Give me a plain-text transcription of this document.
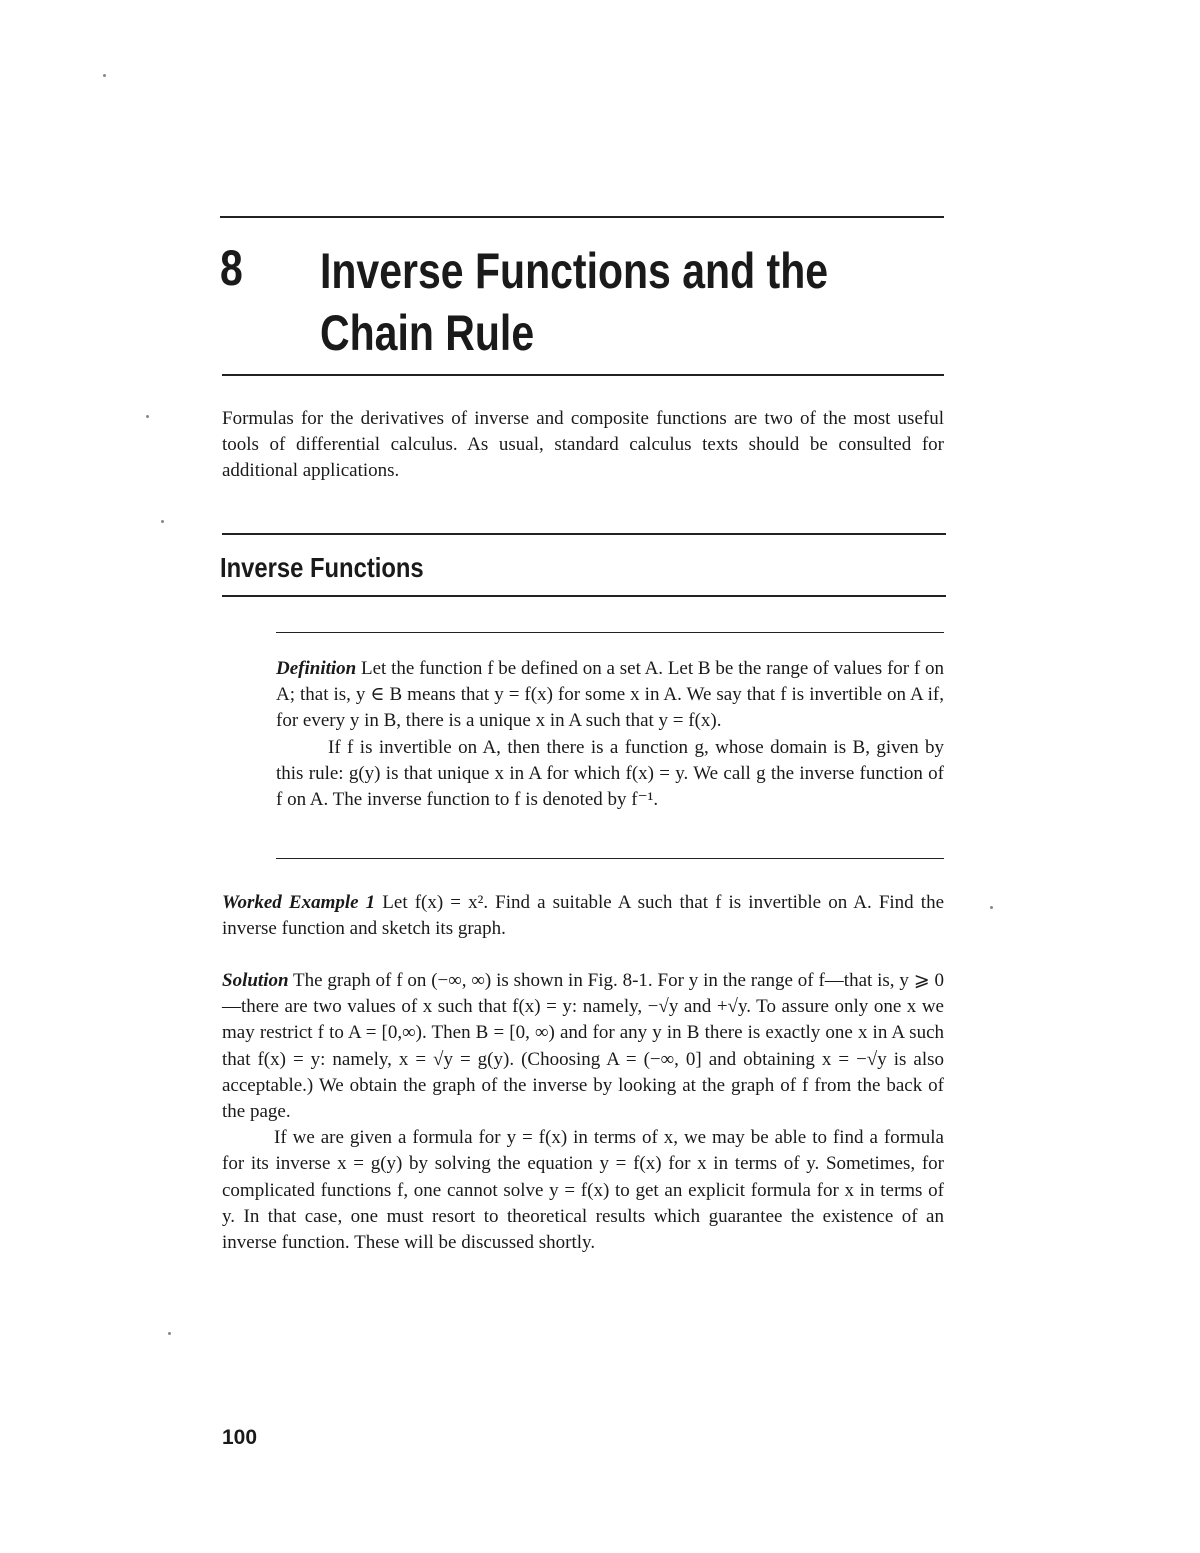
8 Inverse Functions and the Chain Rule

Formulas for the derivatives of inverse and composite functions are two of the most useful tools of differential calculus. As usual, standard calculus texts should be consulted for additional applications.

Inverse Functions

Definition Let the function f be defined on a set A. Let B be the range of values for f on A; that is, y ∈ B means that y = f(x) for some x in A. We say that f is invertible on A if, for every y in B, there is a unique x in A such that y = f(x).

If f is invertible on A, then there is a function g, whose domain is B, given by this rule: g(y) is that unique x in A for which f(x) = y. We call g the inverse function of f on A. The inverse function to f is denoted by f⁻¹.

Worked Example 1 Let f(x) = x². Find a suitable A such that f is invertible on A. Find the inverse function and sketch its graph.

Solution The graph of f on (−∞, ∞) is shown in Fig. 8-1. For y in the range of f—that is, y ⩾ 0—there are two values of x such that f(x) = y: namely, −√y and +√y. To assure only one x we may restrict f to A = [0,∞). Then B = [0, ∞) and for any y in B there is exactly one x in A such that f(x) = y: namely, x = √y = g(y). (Choosing A = (−∞, 0] and obtaining x = −√y is also acceptable.) We obtain the graph of the inverse by looking at the graph of f from the back of the page.

If we are given a formula for y = f(x) in terms of x, we may be able to find a formula for its inverse x = g(y) by solving the equation y = f(x) for x in terms of y. Sometimes, for complicated functions f, one cannot solve y = f(x) to get an explicit formula for x in terms of y. In that case, one must resort to theoretical results which guarantee the existence of an inverse function. These will be discussed shortly.

100
